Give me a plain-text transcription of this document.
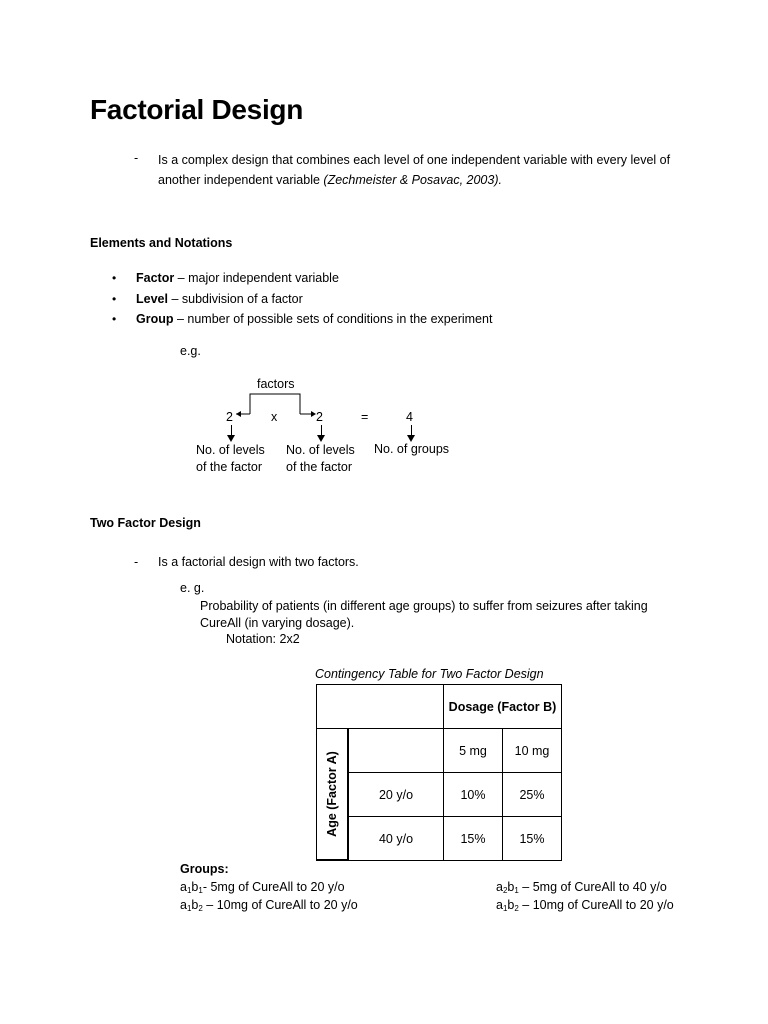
Factorial Design
- Is a complex design that combines each level of one independent variable with every level of
another independent variable (Zechmeister & Posavac, 2003).
Elements and Notations
• Factor – major independent variable
• Level – subdivision of a factor
• Group – number of possible sets of conditions in the experiment
e.g.
factors
2	x	2	=	4
No. of levels
of the factor
No. of levels
of the factor
No. of groups
Two Factor Design
- Is a factorial design with two factors.
e. g.
Probability of patients (in different age groups) to suffer from seizures after taking
CureAll (in varying dosage).
Notation: 2x2
Contingency Table for Two Factor Design
		Dosage (Factor B)	
			5 mg	10 mg
	20 y/o	10%	25%
	40 y/o	15%	15%
Age (Factor A)
Groups:
$a_1b_1-$ 5mg of CureAll to 20 y/o
$a_1b_2 - 10mg$ of CureAll to 20 y/o
$a_2b_1 - 5mg$ of CureAll to 40 y/o
$a_1b_2 - 10mg$ of CureAll to 20 y/o
